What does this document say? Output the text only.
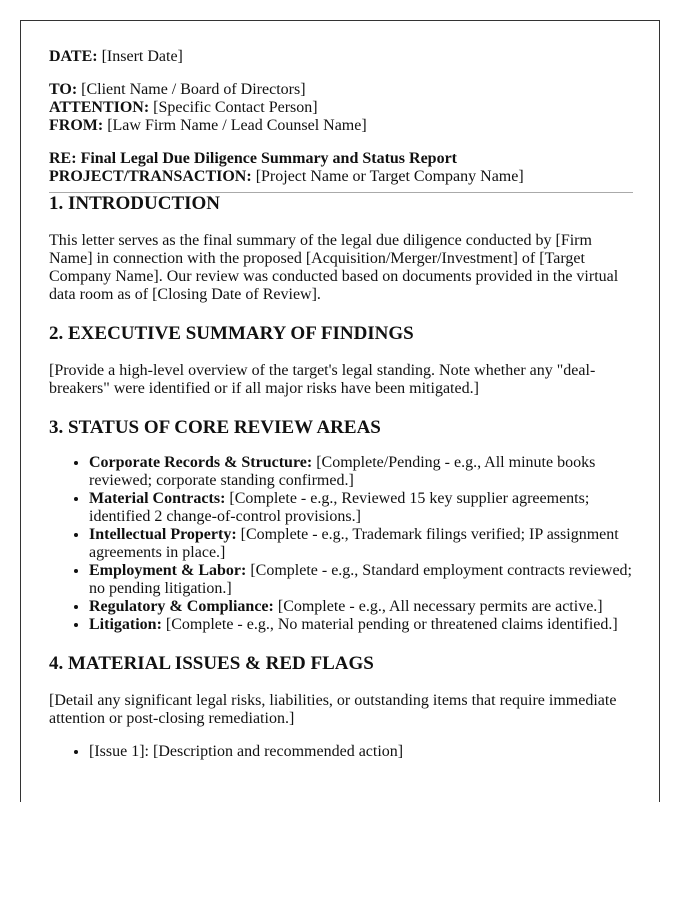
DATE: [Insert Date]

TO: [Client Name / Board of Directors]

ATTENTION: [Specific Contact Person]

FROM: [Law Firm Name / Lead Counsel Name]

RE: Final Legal Due Diligence Summary and Status Report

PROJECT/TRANSACTION: [Project Name or Target Company Name]

1. INTRODUCTION

This letter serves as the final summary of the legal due diligence conducted by [Firm Name] in connection with the proposed [Acquisition/Merger/Investment] of [Target Company Name]. Our review was conducted based on documents provided in the virtual data room as of [Closing Date of Review].

2. EXECUTIVE SUMMARY OF FINDINGS

[Provide a high-level overview of the target's legal standing. Note whether any "deal-breakers" were identified or if all major risks have been mitigated.]

3. STATUS OF CORE REVIEW AREAS
• Corporate Records & Structure: [Complete/Pending - e.g., All minute books reviewed; corporate standing confirmed.]
• Material Contracts: [Complete - e.g., Reviewed 15 key supplier agreements; identified 2 change-of-control provisions.]
• Intellectual Property: [Complete - e.g., Trademark filings verified; IP assignment agreements in place.]
• Employment & Labor: [Complete - e.g., Standard employment contracts reviewed; no pending litigation.]
• Regulatory & Compliance: [Complete - e.g., All necessary permits are active.]
• Litigation: [Complete - e.g., No material pending or threatened claims identified.]
4. MATERIAL ISSUES & RED FLAGS

[Detail any significant legal risks, liabilities, or outstanding items that require immediate attention or post-closing remediation.]

• [Issue 1]: [Description and recommended action]
